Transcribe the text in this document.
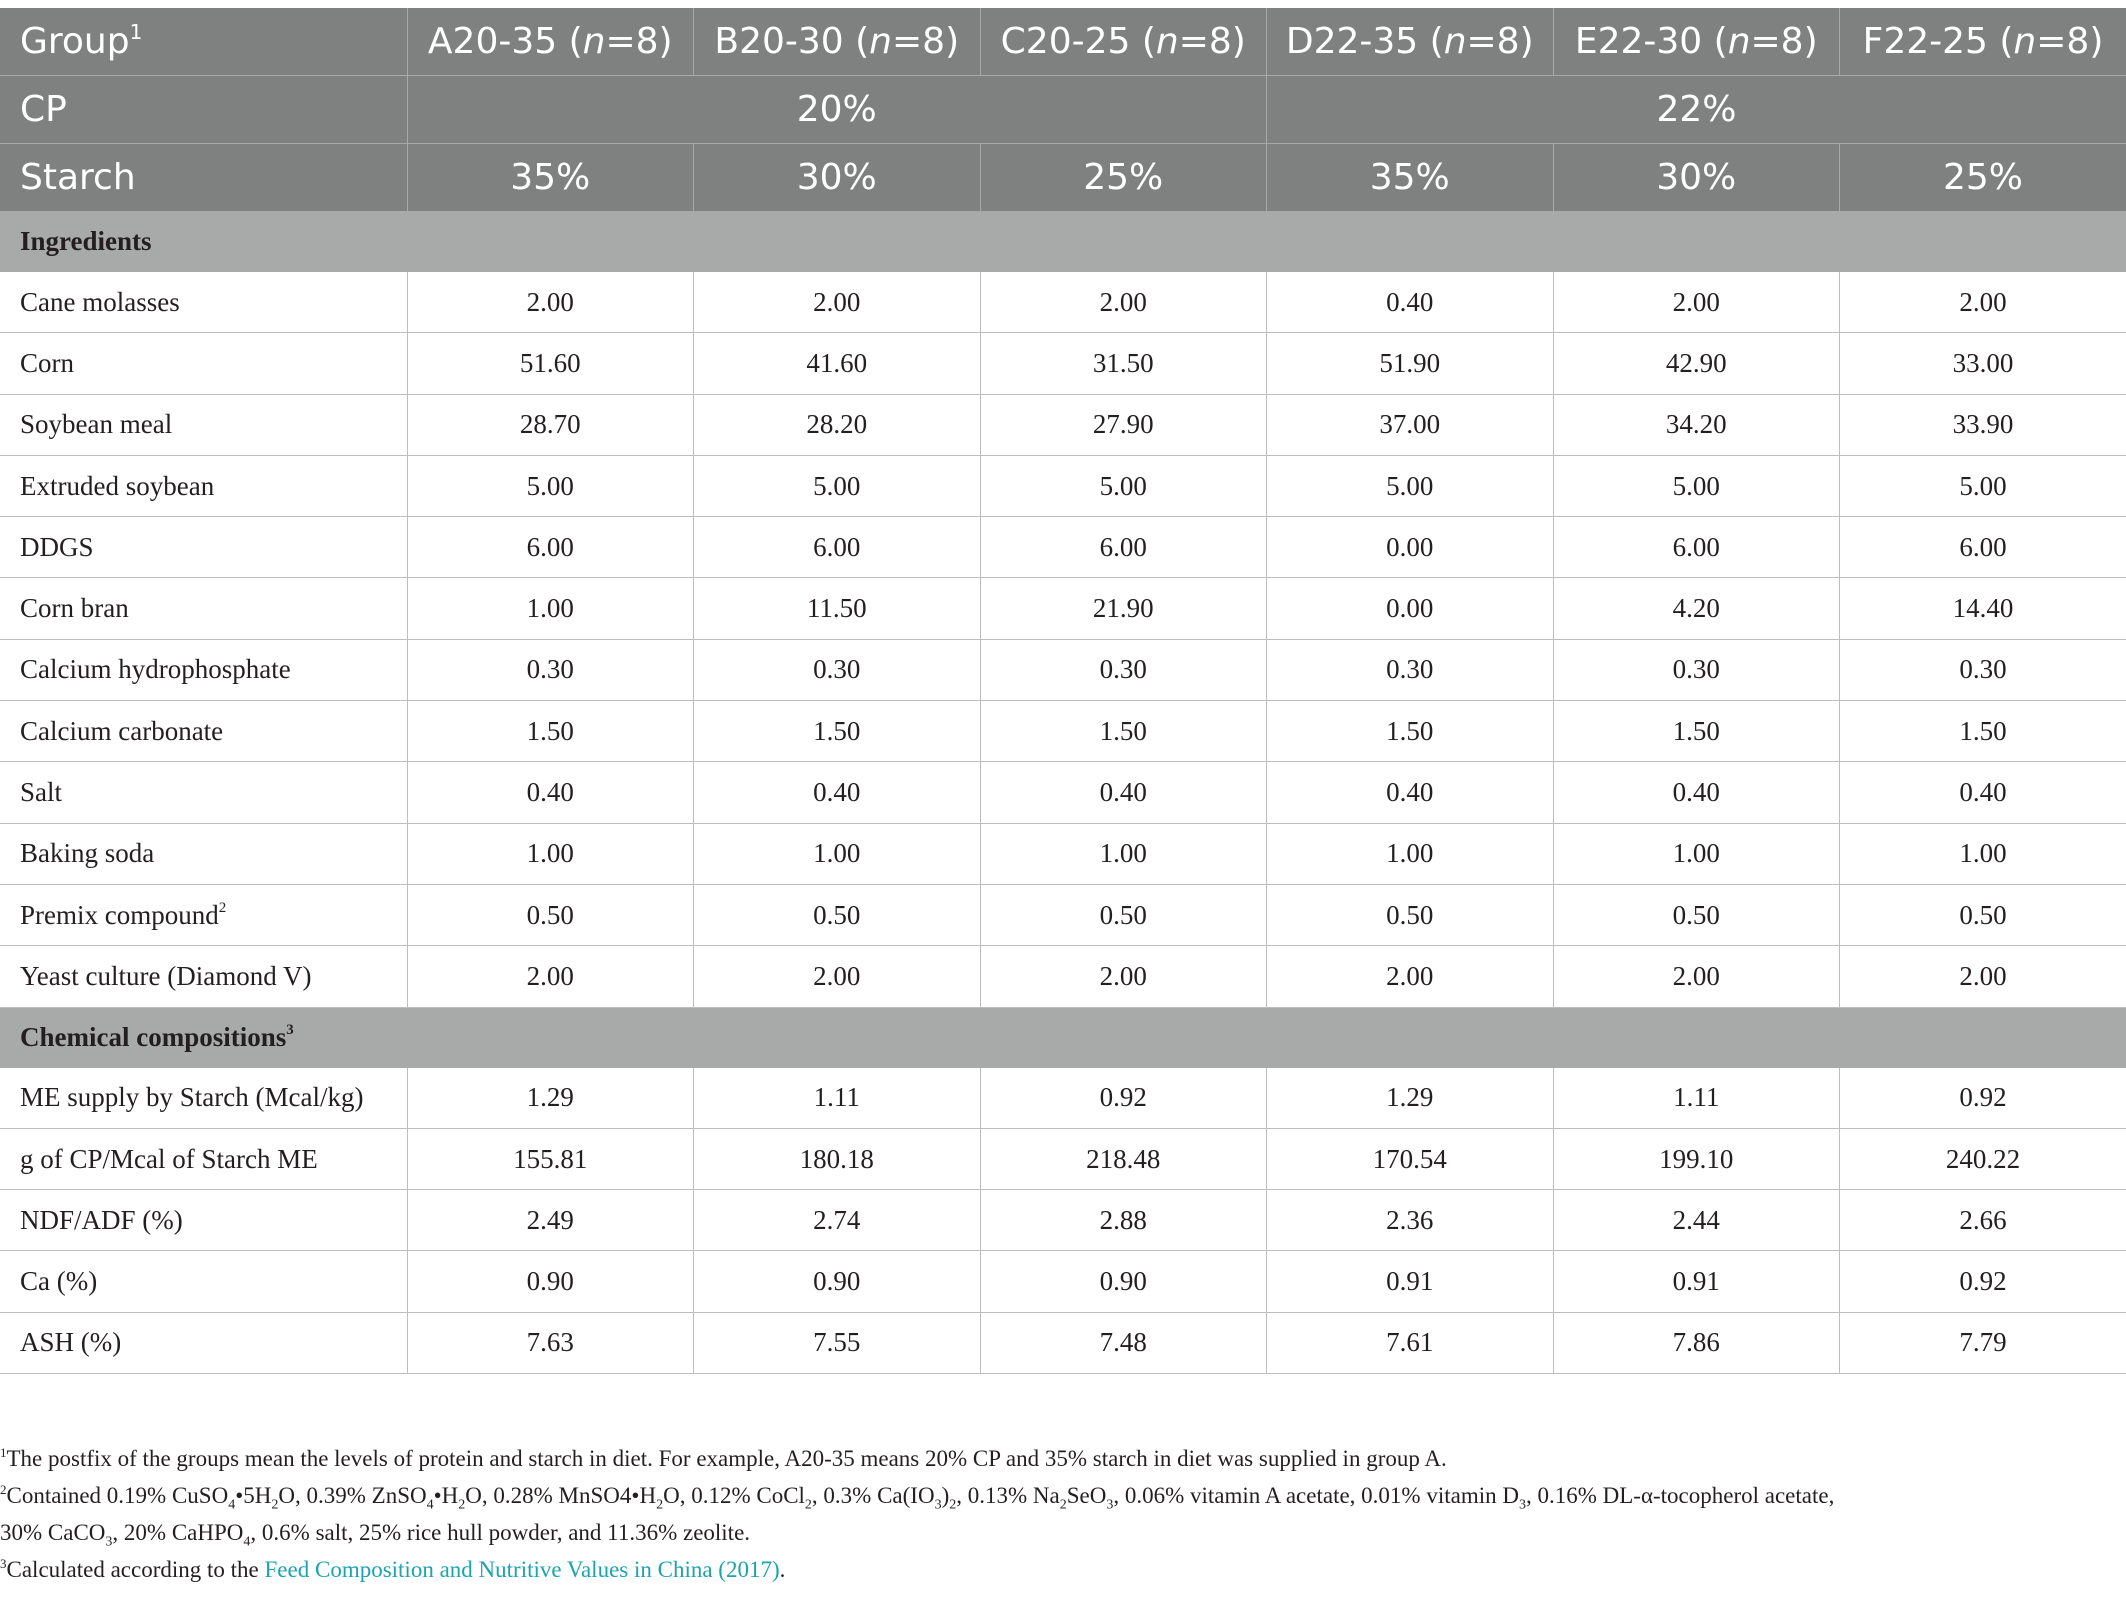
Group$^1$	A20-35 (n=8)	B20-30 (n=8)	C20-25 (n=8)	D22-35 (n=8)	E22-30 (n=8)	F22-25 (n=8)
CP	20%			22%		
Starch	35%	30%	25%	35%	30%	25%
Ingredients						
Cane molasses	2.00	2.00	2.00	0.40	2.00	2.00
Corn	51.60	41.60	31.50	51.90	42.90	33.00
Soybean meal	28.70	28.20	27.90	37.00	34.20	33.90
Extruded soybean	5.00	5.00	5.00	5.00	5.00	5.00
DDGS	6.00	6.00	6.00	0.00	6.00	6.00
Corn bran	1.00	11.50	21.90	0.00	4.20	14.40
Calcium hydrophosphate	0.30	0.30	0.30	0.30	0.30	0.30
Calcium carbonate	1.50	1.50	1.50	1.50	1.50	1.50
Salt	0.40	0.40	0.40	0.40	0.40	0.40
Baking soda	1.00	1.00	1.00	1.00	1.00	1.00
Premix compound$^2$	0.50	0.50	0.50	0.50	0.50	0.50
Yeast culture (Diamond V)	2.00	2.00	2.00	2.00	2.00	2.00
Chemical compositions$^3$
ME supply by Starch (Mcal/kg)	1.29	1.11	0.92	1.29	1.11	0.92
g of CP/Mcal of Starch ME	155.81	180.18	218.48	170.54	199.10	240.22
NDF/ADF (%)	2.49	2.74	2.88	2.36	2.44	2.66
Ca (%)	0.90	0.90	0.90	0.91	0.91	0.92
ASH (%)	7.63	7.55	7.48	7.61	7.86	7.79

$^1$The postfix of the groups mean the levels of protein and starch in diet. For example, A20-35 means 20% CP and 35% starch in diet was supplied in group A.

$^2$Contained 0.19% $CuSO_4•5H_2O$, 0.39% $ZnSO_4•H_2O$, 0.28% $MnSO4•H_2O$, 0.12% CoCl$_2$, 0.3% $Ca(IO_3)_2$, 0.13% $Na_2SeO_3$, 0.06% vitamin A acetate, 0.01% vitamin $D_3$, 0.16% DL-α-tocopherol acetate,

30% CaCO$_3$, 20% CaHPO$_4$, 0.6% salt, 25% rice hull powder, and 11.36% zeolite.

$^3$Calculated according to the Feed Composition and Nutritive Values in China (2017).
